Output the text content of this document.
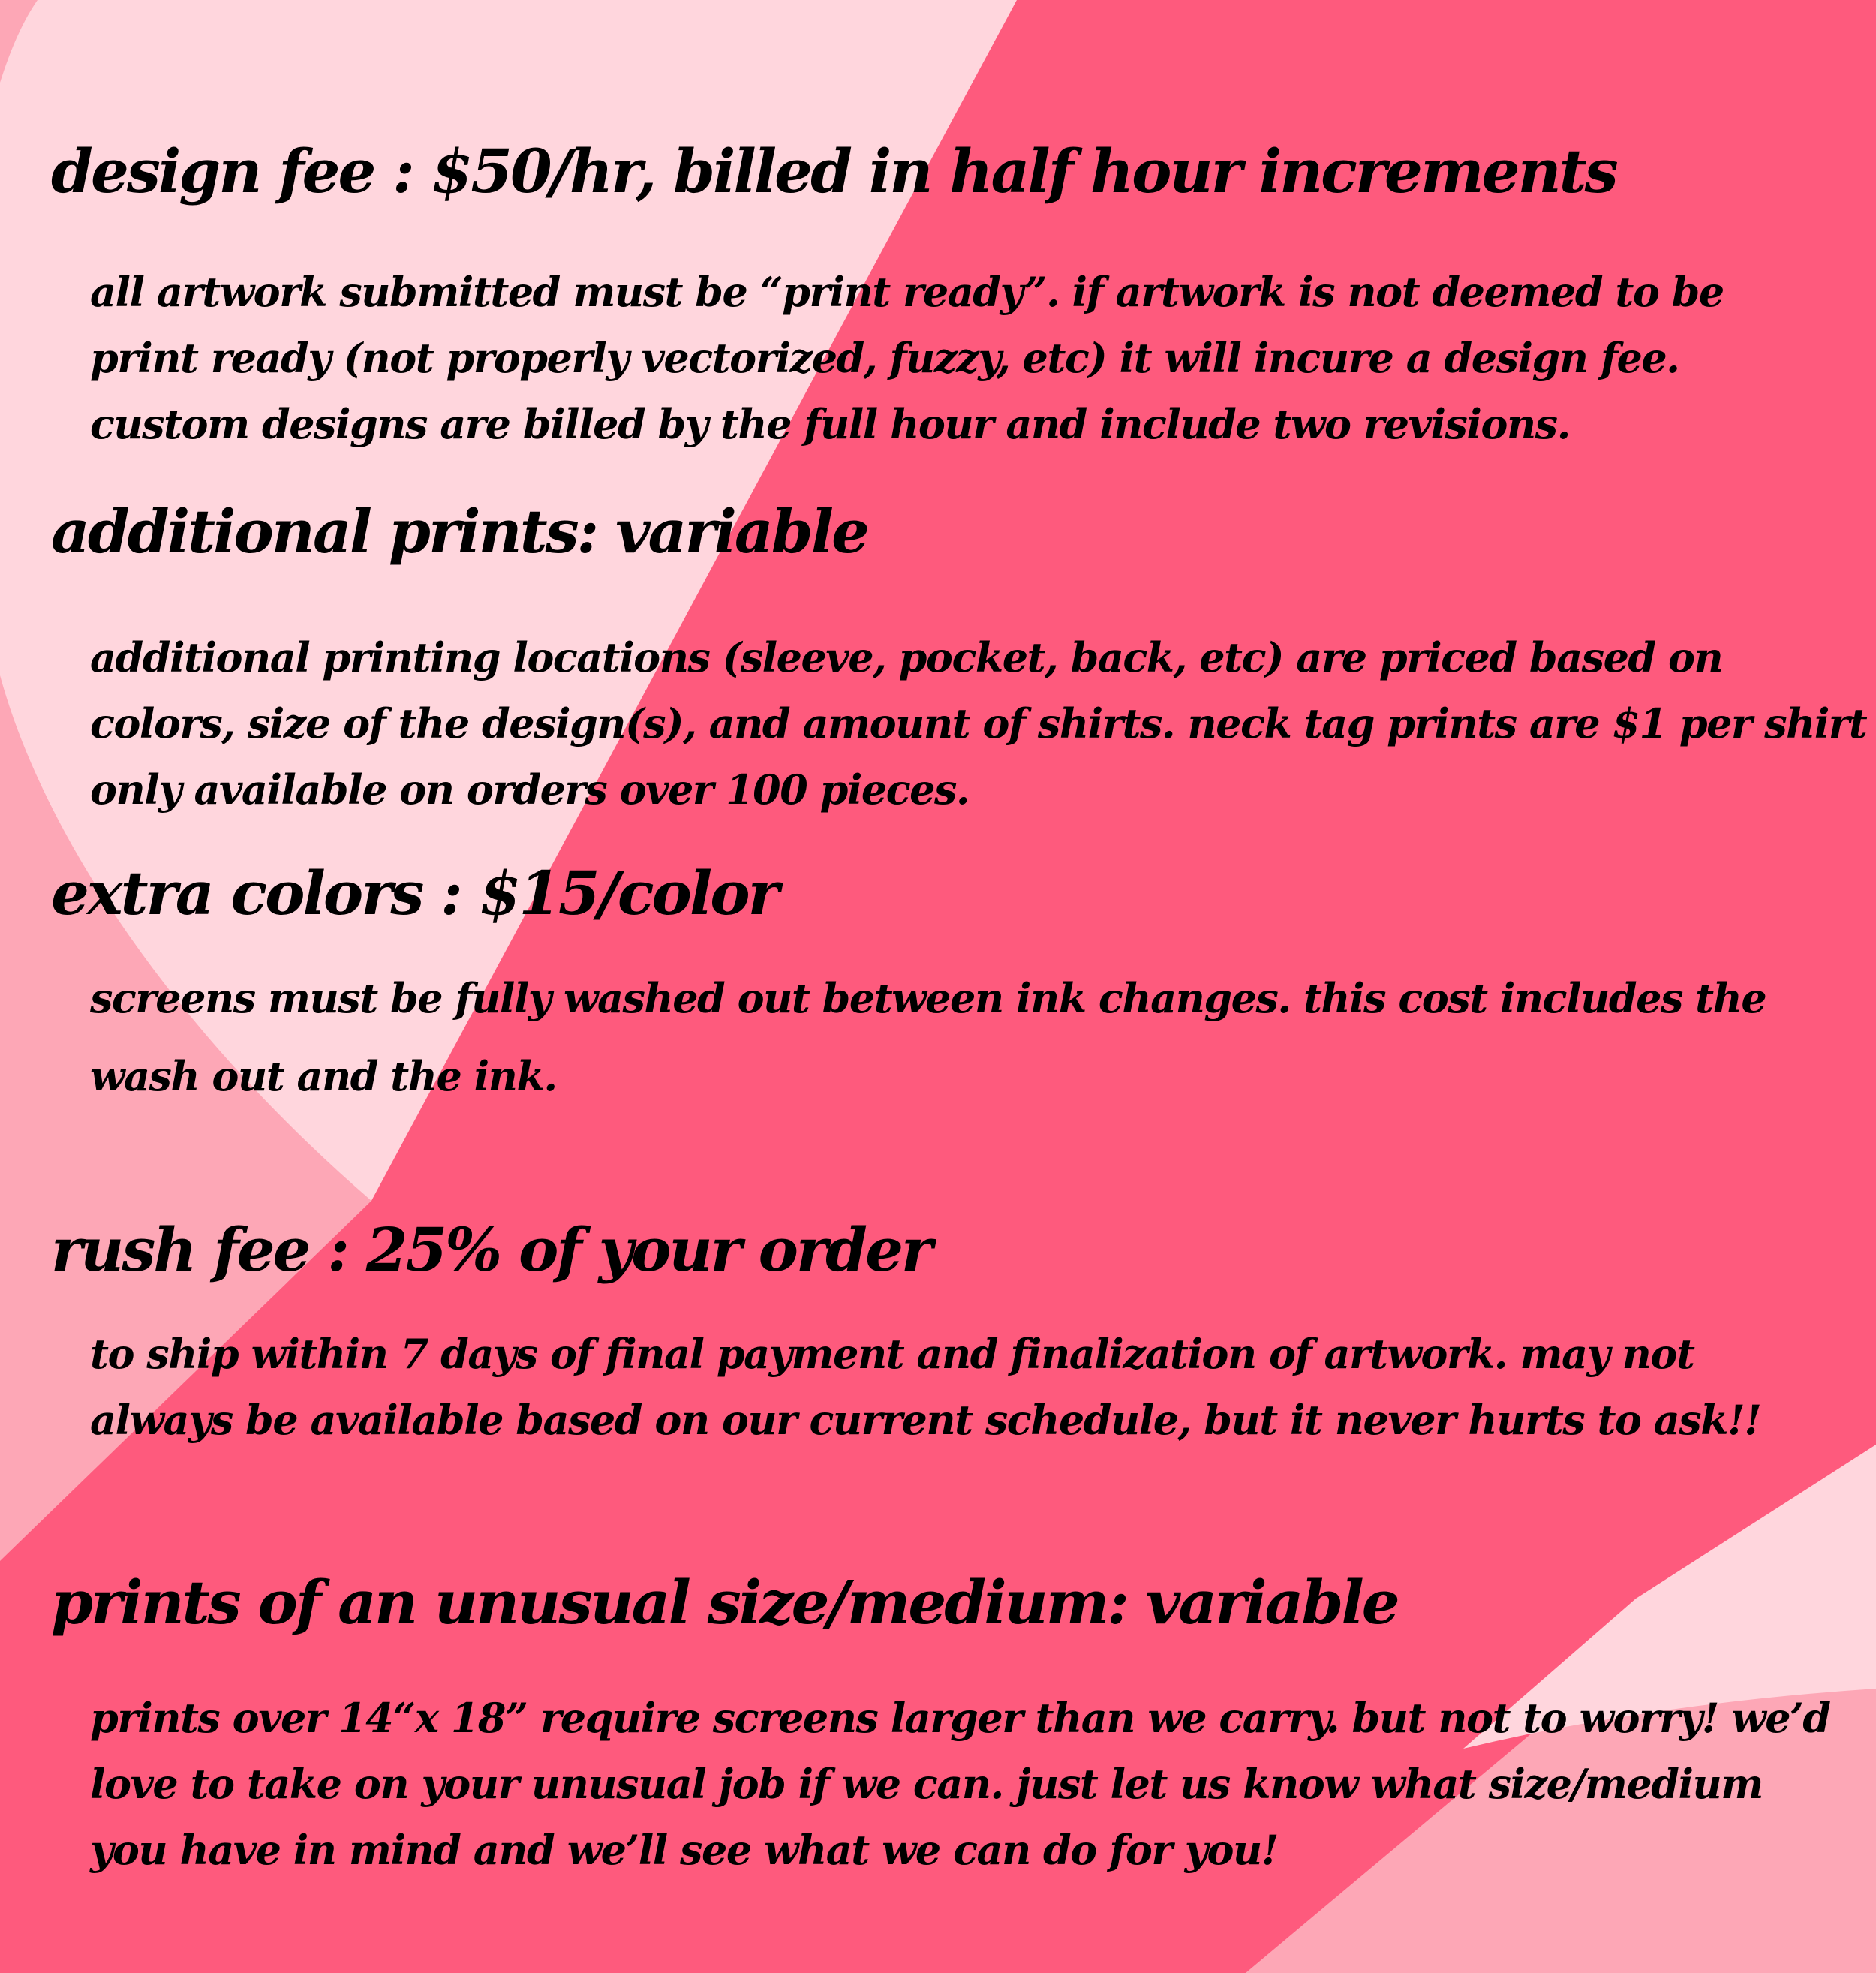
design fee : $50/hr, billed in half hour increments

all artwork submitted must be “print ready”. if artwork is not deemed to be
print ready (not properly vectorized, fuzzy, etc) it will incure a design fee.
custom designs are billed by the full hour and include two revisions.

additional prints: variable

additional printing locations (sleeve, pocket, back, etc) are priced based on
colors, size of the design(s), and amount of shirts. neck tag prints are $1 per shirt
only available on orders over 100 pieces.

extra colors : $15/color

screens must be fully washed out between ink changes. this cost includes the
wash out and the ink.

rush fee : 25% of your order

to ship within 7 days of final payment and finalization of artwork. may not
always be available based on our current schedule, but it never hurts to ask!!

prints of an unusual size/medium: variable

prints over 14“x 18” require screens larger than we carry. but not to worry! we’d
love to take on your unusual job if we can. just let us know what size/medium
you have in mind and we’ll see what we can do for you!
